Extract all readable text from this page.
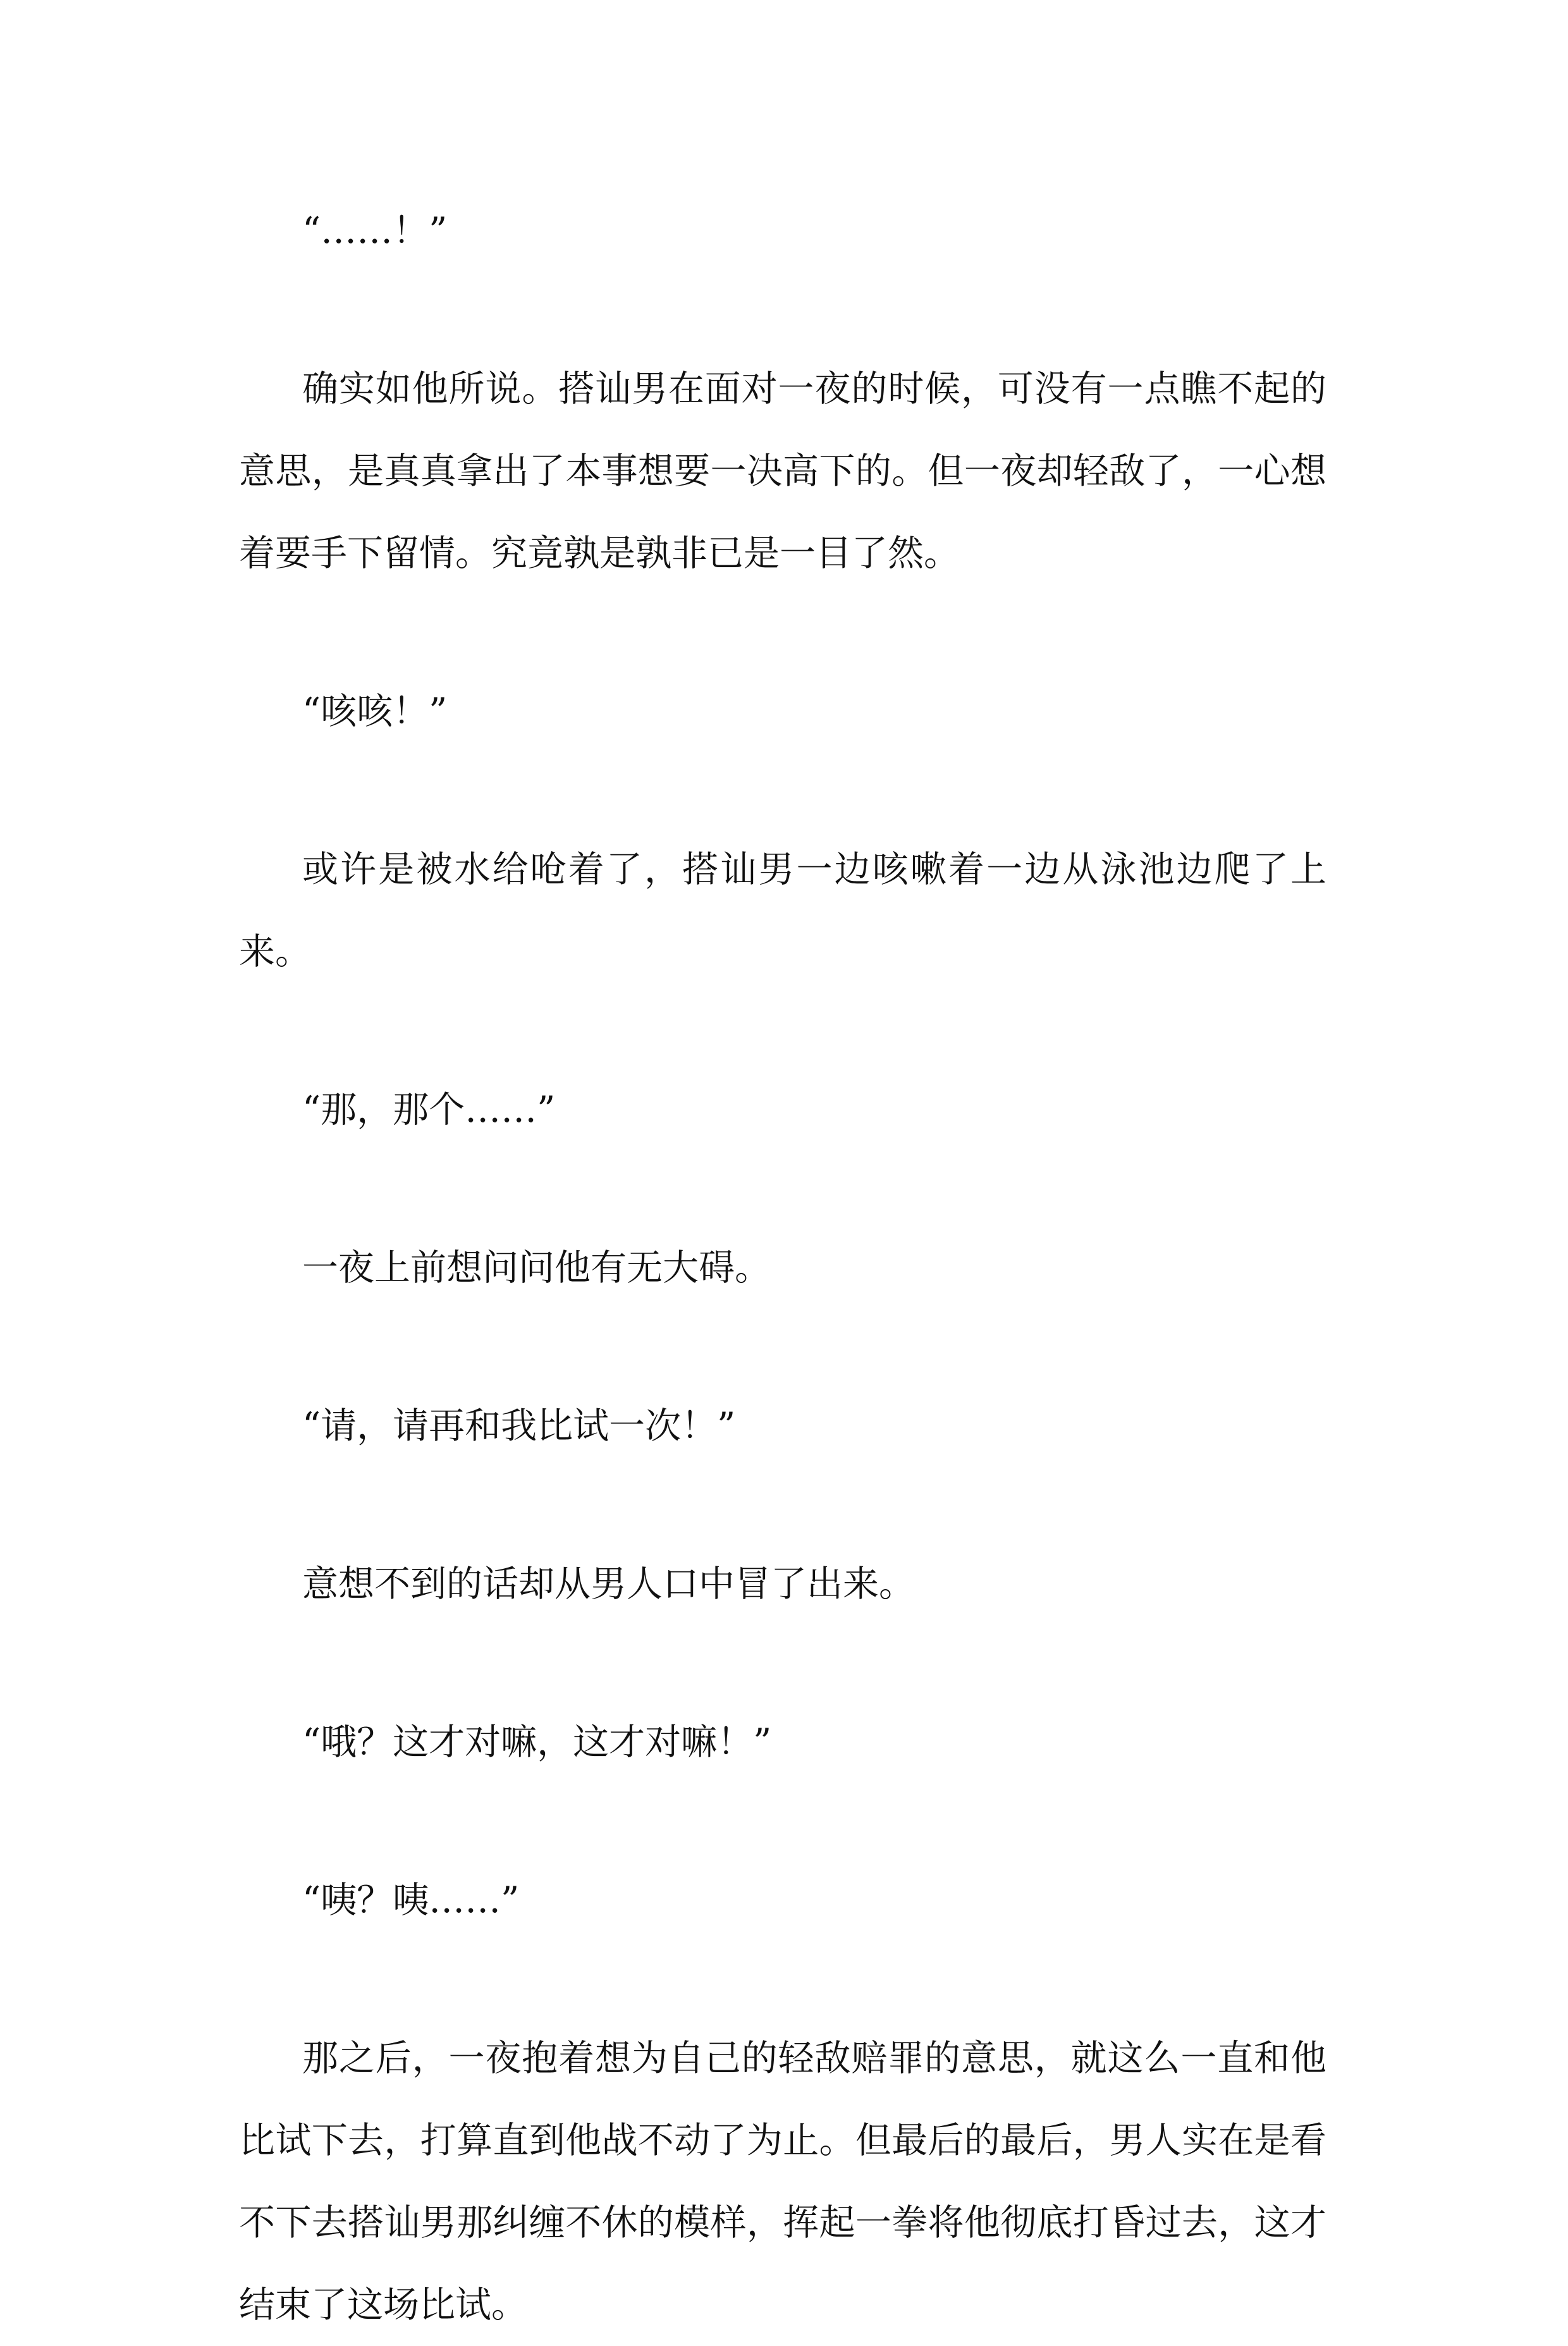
“……！”

确实如他所说。搭讪男在面对一夜的时候，可没有一点瞧不起的意思，是真真拿出了本事想要一决高下的。但一夜却轻敌了，一心想着要手下留情。究竟孰是孰非已是一目了然。

“咳咳！”

或许是被水给呛着了，搭讪男一边咳嗽着一边从泳池边爬了上来。

“那，那个……”

一夜上前想问问他有无大碍。

“请，请再和我比试一次！”

意想不到的话却从男人口中冒了出来。

“哦？这才对嘛，这才对嘛！”

“咦？咦……”

那之后，一夜抱着想为自己的轻敌赔罪的意思，就这么一直和他比试下去，打算直到他战不动了为止。但最后的最后，男人实在是看不下去搭讪男那纠缠不休的模样，挥起一拳将他彻底打昏过去，这才结束了这场比试。
